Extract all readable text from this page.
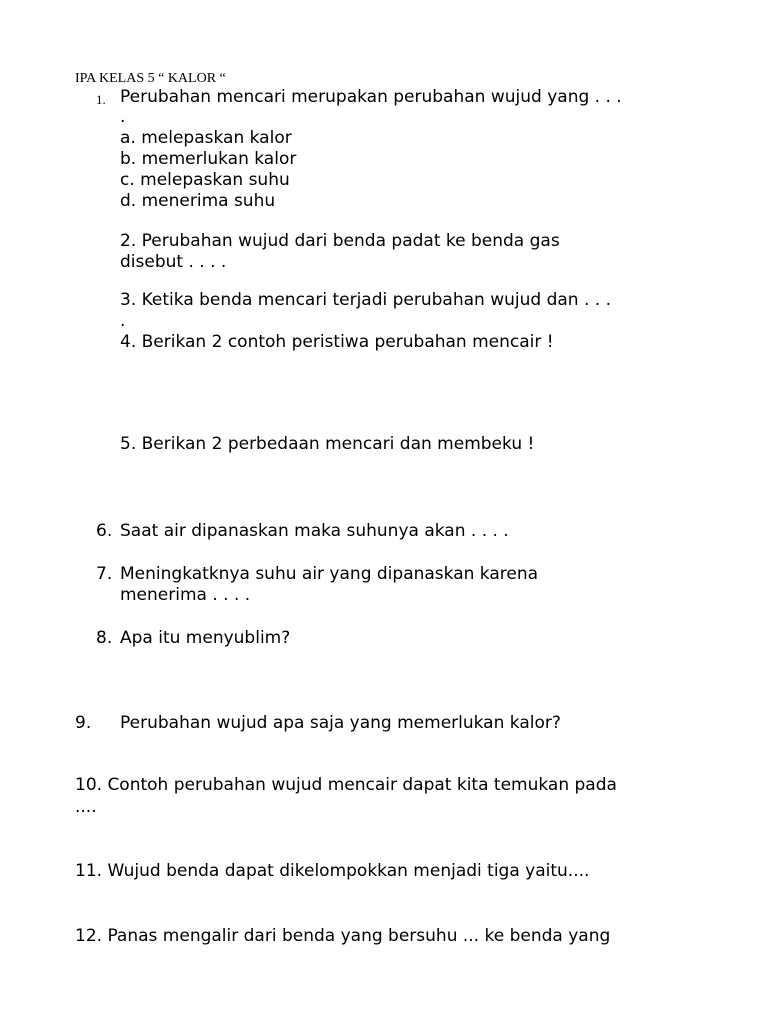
IPA KELAS 5 “ KALOR “
1. Perubahan mencari merupakan perubahan wujud yang . . .
.
a. melepaskan kalor
b. memerlukan kalor
c. melepaskan suhu
d. menerima suhu
2. Perubahan wujud dari benda padat ke benda gas
disebut . . . .
3. Ketika benda mencari terjadi perubahan wujud dan . . .
.
4. Berikan 2 contoh peristiwa perubahan mencair !
5. Berikan 2 perbedaan mencari dan membeku !
6. Saat air dipanaskan maka suhunya akan . . . .
7. Meningkatknya suhu air yang dipanaskan karena
menerima . . . .
8. Apa itu menyublim?
9. Perubahan wujud apa saja yang memerlukan kalor?
10. Contoh perubahan wujud mencair dapat kita temukan pada
....
11. Wujud benda dapat dikelompokkan menjadi tiga yaitu....
12. Panas mengalir dari benda yang bersuhu ... ke benda yang
